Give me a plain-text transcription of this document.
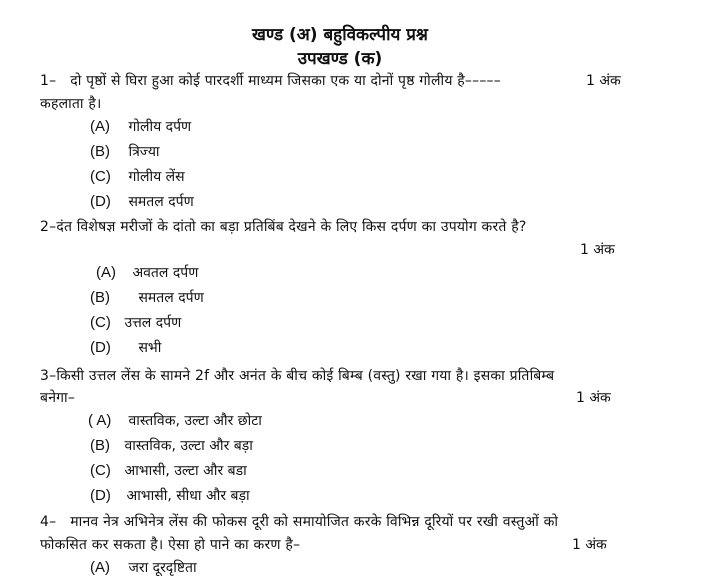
खण्ड (अ) बहुविकल्पीय प्रश्न
उपखण्ड (क)
1– दो पृष्ठों से घिरा हुआ कोई पारदर्शी माध्यम जिसका एक या दोनों पृष्ठ गोलीय है–––––	1 अंक
कहलाता है।
(A) गोलीय दर्पण
(B) त्रिज्या
(C) गोलीय लेंस
(D) समतल दर्पण
2–दंत विशेषज्ञ मरीजों के दांतो का बड़ा प्रतिबिंब देखने के लिए किस दर्पण का उपयोग करते है?
1 अंक
(A) अवतल दर्पण
(B) समतल दर्पण
(C) उत्तल दर्पण
(D) सभी
3–किसी उत्तल लेंस के सामने 2f और अनंत के बीच कोई बिम्ब (वस्तु) रखा गया है। इसका प्रतिबिम्ब
बनेगा–	1 अंक
( A) वास्तविक, उल्टा और छोटा
(B) वास्तविक, उल्टा और बड़ा
(C) आभासी, उल्टा और बडा
(D) आभासी, सीधा और बड़ा
4– मानव नेत्र अभिनेत्र लेंस की फोकस दूरी को समायोजित करके विभिन्न दूरियों पर रखी वस्तुओं को
फोकसित कर सकता है। ऐसा हो पाने का करण है–	1 अंक
(A) जरा दूरदृष्टिता
